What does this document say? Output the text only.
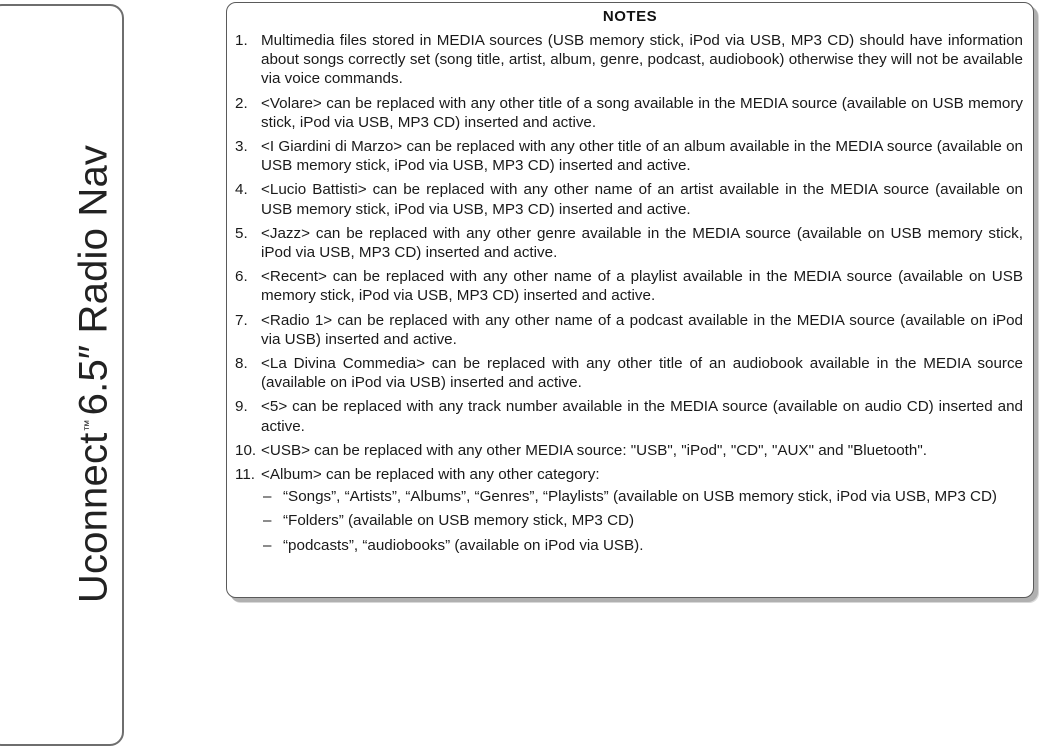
Uconnect™6.5″ Radio Nav
NOTES
1. Multimedia files stored in MEDIA sources (USB memory stick, iPod via USB, MP3 CD) should have information about songs correctly set (song title, artist, album, genre, podcast, audiobook) otherwise they will not be available via voice commands.
2. <Volare> can be replaced with any other title of a song available in the MEDIA source (available on USB memory stick, iPod via USB, MP3 CD) inserted and active.
3. <I Giardini di Marzo> can be replaced with any other title of an album available in the MEDIA source (available on USB memory stick, iPod via USB, MP3 CD) inserted and active.
4. <Lucio Battisti> can be replaced with any other name of an artist available in the MEDIA source (available on USB memory stick, iPod via USB, MP3 CD) inserted and active.
5. <Jazz> can be replaced with any other genre available in the MEDIA source (available on USB memory stick, iPod via USB, MP3 CD) inserted and active.
6. <Recent> can be replaced with any other name of a playlist available in the MEDIA source (available on USB memory stick, iPod via USB, MP3 CD) inserted and active.
7. <Radio 1> can be replaced with any other name of a podcast available in the MEDIA source (available on iPod via USB) inserted and active.
8. <La Divina Commedia> can be replaced with any other title of an audiobook available in the MEDIA source (available on iPod via USB) inserted and active.
9. <5> can be replaced with any track number available in the MEDIA source (available on audio CD) inserted and active.
10. <USB> can be replaced with any other MEDIA source: "USB", "iPod", "CD", "AUX" and "Bluetooth".
11. <Album> can be replaced with any other category:
– “Songs”, “Artists”, “Albums”, “Genres”, “Playlists” (available on USB memory stick, iPod via USB, MP3 CD)
– “Folders” (available on USB memory stick, MP3 CD)
– “podcasts”, “audiobooks” (available on iPod via USB).
